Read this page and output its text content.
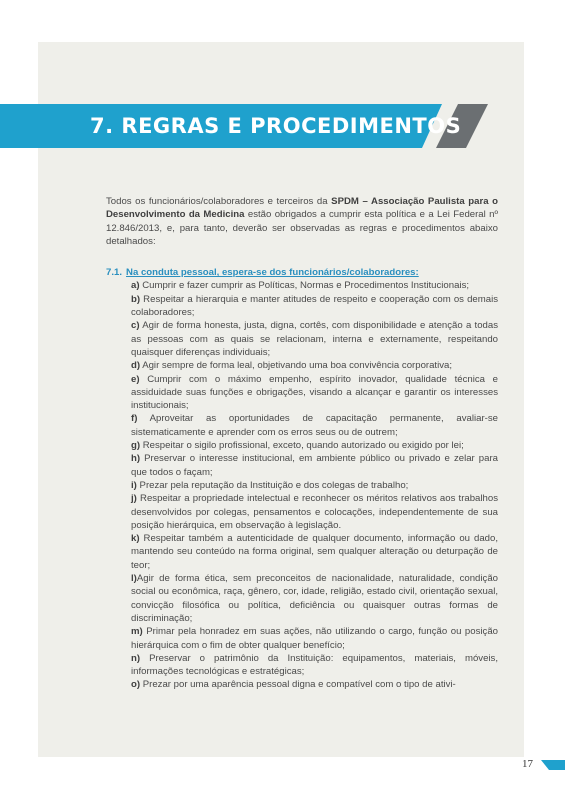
7. REGRAS E PROCEDIMENTOS

Todos os funcionários/colaboradores e terceiros da SPDM – Associação Paulista para o Desenvolvimento da Medicina estão obrigados a cumprir esta política e a Lei Federal nº 12.846/2013, e, para tanto, deverão ser observadas as regras e procedimentos abaixo detalhados:

7.1. Na conduta pessoal, espera-se dos funcionários/colaboradores:

a) Cumprir e fazer cumprir as Políticas, Normas e Procedimentos Institucionais;

b) Respeitar a hierarquia e manter atitudes de respeito e cooperação com os demais colaboradores;

c) Agir de forma honesta, justa, digna, cortês, com disponibilidade e atenção a todas as pessoas com as quais se relacionam, interna e externamente, respeitando quaisquer diferenças individuais;

d) Agir sempre de forma leal, objetivando uma boa convivência corporativa;

e) Cumprir com o máximo empenho, espírito inovador, qualidade técnica e assiduidade suas funções e obrigações, visando a alcançar e garantir os interesses institucionais;

f) Aproveitar as oportunidades de capacitação permanente, avaliar-se sistematicamente e aprender com os erros seus ou de outrem;

g) Respeitar o sigilo profissional, exceto, quando autorizado ou exigido por lei;

h) Preservar o interesse institucional, em ambiente público ou privado e zelar para que todos o façam;

i) Prezar pela reputação da Instituição e dos colegas de trabalho;

j) Respeitar a propriedade intelectual e reconhecer os méritos relativos aos trabalhos desenvolvidos por colegas, pensamentos e colocações, independentemente de sua posição hierárquica, em observação à legislação.

k) Respeitar também a autenticidade de qualquer documento, informação ou dado, mantendo seu conteúdo na forma original, sem qualquer alteração ou deturpação de teor;

l)Agir de forma ética, sem preconceitos de nacionalidade, naturalidade, condição social ou econômica, raça, gênero, cor, idade, religião, estado civil, orientação sexual, convicção filosófica ou política, deficiência ou quaisquer outras formas de discriminação;

m) Primar pela honradez em suas ações, não utilizando o cargo, função ou posição hierárquica com o fim de obter qualquer benefício;

n) Preservar o patrimônio da Instituição: equipamentos, materiais, móveis, informações tecnológicas e estratégicas;

o) Prezar por uma aparência pessoal digna e compatível com o tipo de ativi-

17
